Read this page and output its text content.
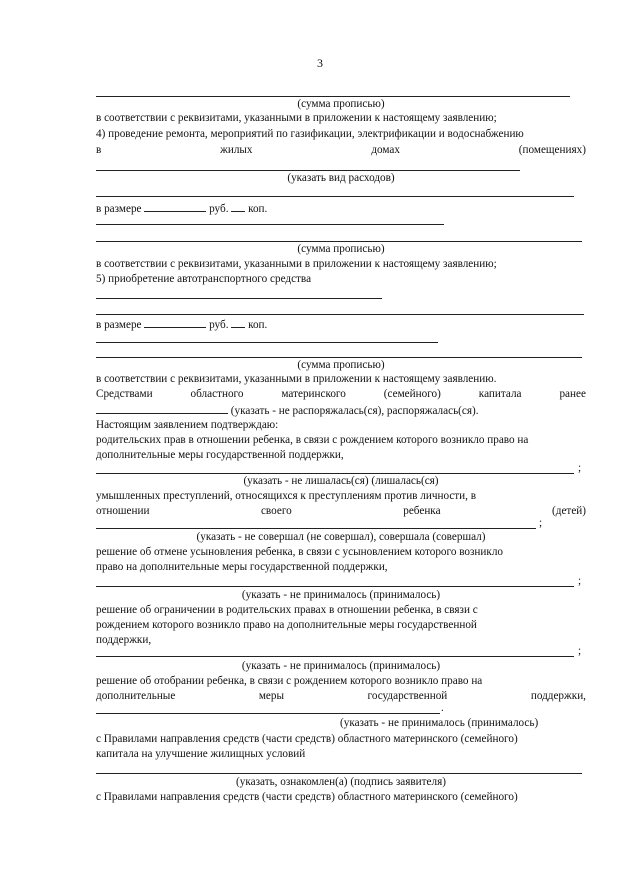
3
(сумма прописью)
в соответствии с реквизитами, указанными в приложении к настоящему заявлению;
4) проведение ремонта, мероприятий по газификации, электрификации и водоснабжению
в	жилых	домах	(помещениях)
(указать вид расходов)
в размере	руб. коп.
(сумма прописью)
в соответствии с реквизитами, указанными в приложении к настоящему заявлению;
5) приобретение автотранспортного средства
в размере	руб. коп.
(сумма прописью)
в соответствии с реквизитами, указанными в приложении к настоящему заявлению.
Средствами	областного	материнского	(семейного)	капитала	ранее
(указать - не распоряжалась(ся), распоряжалась(ся).
Настоящим заявлением подтверждаю:
родительских прав в отношении ребенка, в связи с рождением которого возникло право на
дополнительные меры государственной поддержки,
;
(указать - не лишалась(ся) (лишалась(ся)
умышленных преступлений, относящихся к преступлениям против личности, в
отношении	своего	ребенка	(детей)
;
(указать - не совершал (не совершал), совершала (совершал)
решение об отмене усыновления ребенка, в связи с усыновлением которого возникло
право на дополнительные меры государственной поддержки,
;
(указать - не принималось (принималось)
решение об ограничении в родительских правах в отношении ребенка, в связи с
рождением которого возникло право на дополнительные меры государственной
поддержки,
;
(указать - не принималось (принималось)
решение об отобрании ребенка, в связи с рождением которого возникло право на
дополнительные	меры	государственной	поддержки,
.
(указать - не принималось (принималось)
с Правилами направления средств (части средств) областного материнского (семейного)
капитала на улучшение жилищных условий
(указать, ознакомлен(а) (подпись заявителя)
с Правилами направления средств (части средств) областного материнского (семейного)
